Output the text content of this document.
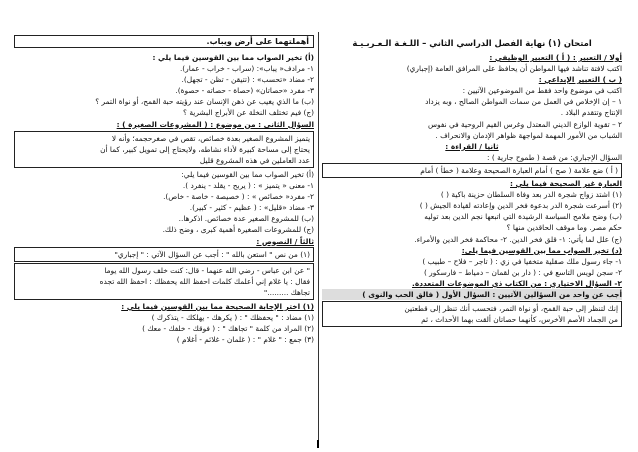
امتحان (١) نهاية الفصل الدراسي الثاني – اللـغـة الـعـربـيـة
أولا / التعبير : ( أ ) التعبير الوظيفي :
اكتب لافتة تناشد فيها المواطن أن يحافظ على المرافق العامة (إجباري)
( ب ) التعبير الإبداعي :
اكتب في موضوع واحد فقط من الموضوعين الآتيين :
١ – إن الإخلاص في العمل من سمات المواطن الصالح ، وبه يزداد
الإنتاج وتتقدم البلاد .
٢ – تقوية الوازع الديني المعتدل وغرس القيم الروحية في نفوس
الشباب من الأمور المهمة لمواجهة ظواهر الإدمان والانحراف .
ثانيا / القراءة :
السؤال الإجباري: من قصة ( طموح جارية ) :
( أ ) ضع علامة ( صح ) أمام العبارة الصحيحة وعلامة ( خطأ ) أمام
العبارة غير الصحيحة فيما يلي :
(١) اشتد زواج شجرة الدر بعد وفاة السلطان حزينة باكية ( )
(٢) أسرعت شجرة الدر بدعوة فخر الدين وإعادته لقيادة الجيش ( )
(ب) وضح ملامح السياسة الرشيدة التي اتبعها نجم الدين بعد توليه
حكم مصر. وما موقف الحاقدين منها ؟
(ج) علل لما يأتي: ١- قلق فخر الدين. ٢- محاكمة فخر الدين والأمراء.
(د) تخير الصواب مما بين القوسين فيما يلي:
١- جاء رسول ملك صقلية متخفيا في زي : ( تاجر – فلاح – طبيب )
٢- سجن لويس التاسع في : ( دار بن لقمان – دمياط – فارسكور )
٢- السؤال الاختياري : من الكتاب ذي الموضوعات المتعددة.
أجب عن واحد من السؤالين الآتيين : السؤال الأول ( فالق الحب والنوى )
إنك لتنظر إلى حبة القمح، أو نواة التمر، فتحسب أنك تنظر إلى قطعتين
من الجماد الأصم الأخرس، كأنهما حصاتان ألقت بهما الأحداث ، ثم
أهملتهما على أرض ويباب.
(أ) تخير الصواب مما بين القوسين فيما يلي :
١- مرادف« يباب»: (سراب - خراب - عمار).
٢- مضاد «تحسب» : (تتيقن - تظن - تجهل).
٣- مفرد «حصاتان» (حصاة - حصاته - حصوة).
(ب) ما الذي يغيب عن ذهن الإنسان عند رؤيته حبة القمح، أو نواة التمر ؟
(ج) فيم تختلف النخلة عن الأبراج البشرية ؟
السؤال الثاني : من موضوع : ( المشروعات الصغيرة ) :
يتميز المشروع الصغير بعدة خصائص، تقص في صغرحجمه؛ وأنه لا
يحتاج إلى مساحة كبيرة لأداء نشاطه، ولايحتاج إلى تمويل كبير، كما أن
عدد العاملين في هذه المشروع قليل
(أ) تخير الصواب مما بين القوسين فيما يلي:
١- معنى « يتميز » : ( يربح - يقلد - ينفرد ).
٢- مفرد« خصائص » : ( خصيصة - خاصة - خاص).
٣- مضاد «قليل» : ( عظيم - كثير - كبير).
(ب) للمشروع الصغير عدة خصائص. اذكرها..
(ج) للمشروعات الصغيرة أهمية كبرى ، وضح ذلك.
ثالثاً / النصوص :
(١) من نص " استعن بالله " : أجب عن السؤال الآتي : " إجباري"
" عن ابن عباس - رضي الله عنهما - قال: كنت خلف رسول الله يوما
فقال : يا غلام إني أعلمك كلمات احفظ الله يحفظك : احفظ الله تجده
تجاهك ........."
(١) اختر الإجابة الصحيحة مما بين القوسين فيما يلي :
(١) مضاد : " يحفظك " : ( يكرهك - يهلكك - يتذكرك )
(٢) المراد من كلمة " تجاهك " : ( فوقك - خلفك - معك )
(٣) جمع : " غلام " : ( غلمان - غلائم - أغلام )
